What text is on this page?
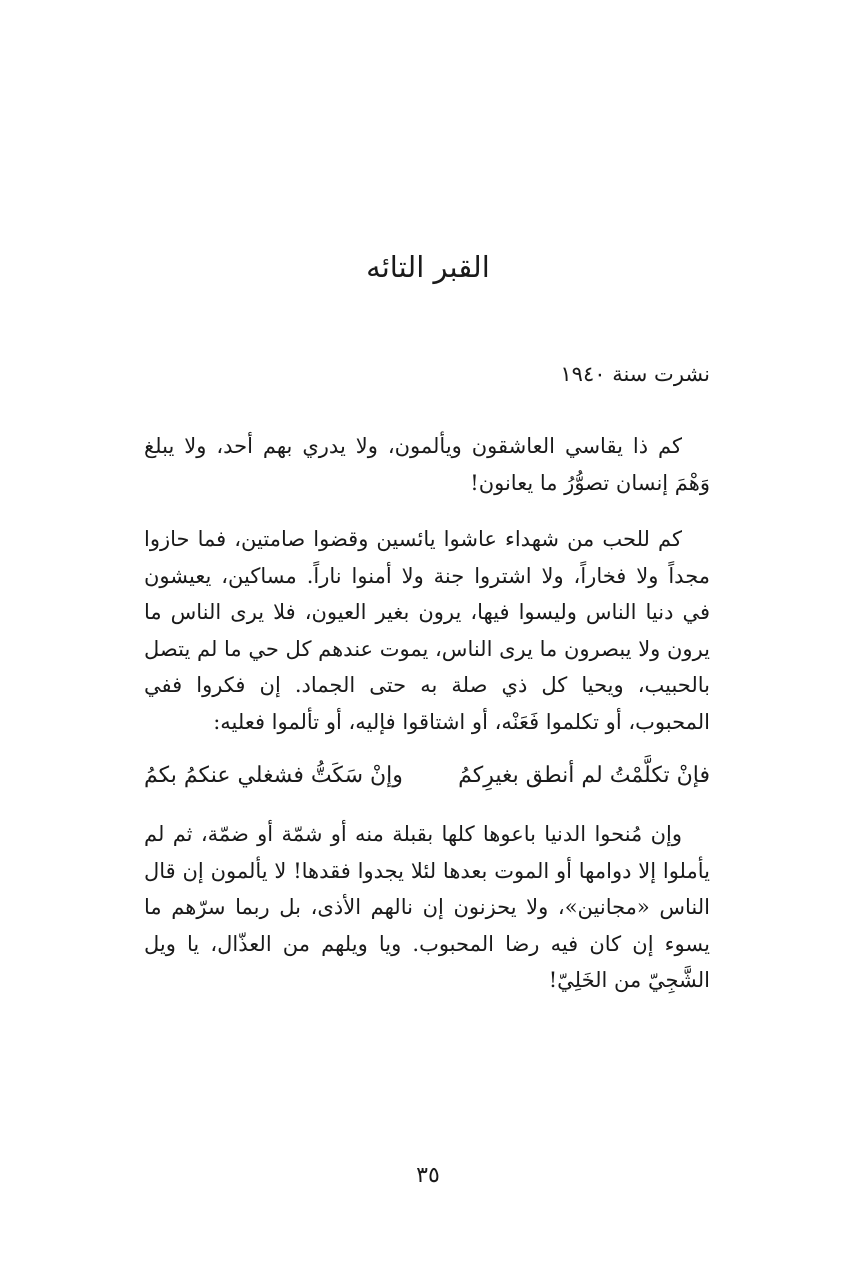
القبر التائه

نشرت سنة ١٩٤٠

كم ذا يقاسي العاشقون ويألمون، ولا يدري بهم أحد، ولا يبلغ وَهْمَ إنسان تصوُّرُ ما يعانون!

كم للحب من شهداء عاشوا يائسين وقضوا صامتين، فما حازوا مجداً ولا فخاراً، ولا اشتروا جنة ولا أمنوا ناراً. مساكين، يعيشون في دنيا الناس وليسوا فيها، يرون بغير العيون، فلا يرى الناس ما يرون ولا يبصرون ما يرى الناس، يموت عندهم كل حي ما لم يتصل بالحبيب، ويحيا كل ذي صلة به حتى الجماد. إن فكروا ففي المحبوب، أو تكلموا فَعَنْه، أو اشتاقوا فإليه، أو تألموا فعليه:

فإنْ تكلَّمْتُ لم أنطق بغيرِكمُ
وإنْ سَكَتُّ فشغلي عنكمُ بكمُ

وإن مُنحوا الدنيا باعوها كلها بقبلة منه أو شمّة أو ضمّة، ثم لم يأملوا إلا دوامها أو الموت بعدها لئلا يجدوا فقدها! لا يألمون إن قال الناس «مجانين»، ولا يحزنون إن نالهم الأذى، بل ربما سرّهم ما يسوء إن كان فيه رضا المحبوب. ويا ويلهم من العذّال، يا ويل الشَّجِيّ من الخَلِيّ!

٣٥
